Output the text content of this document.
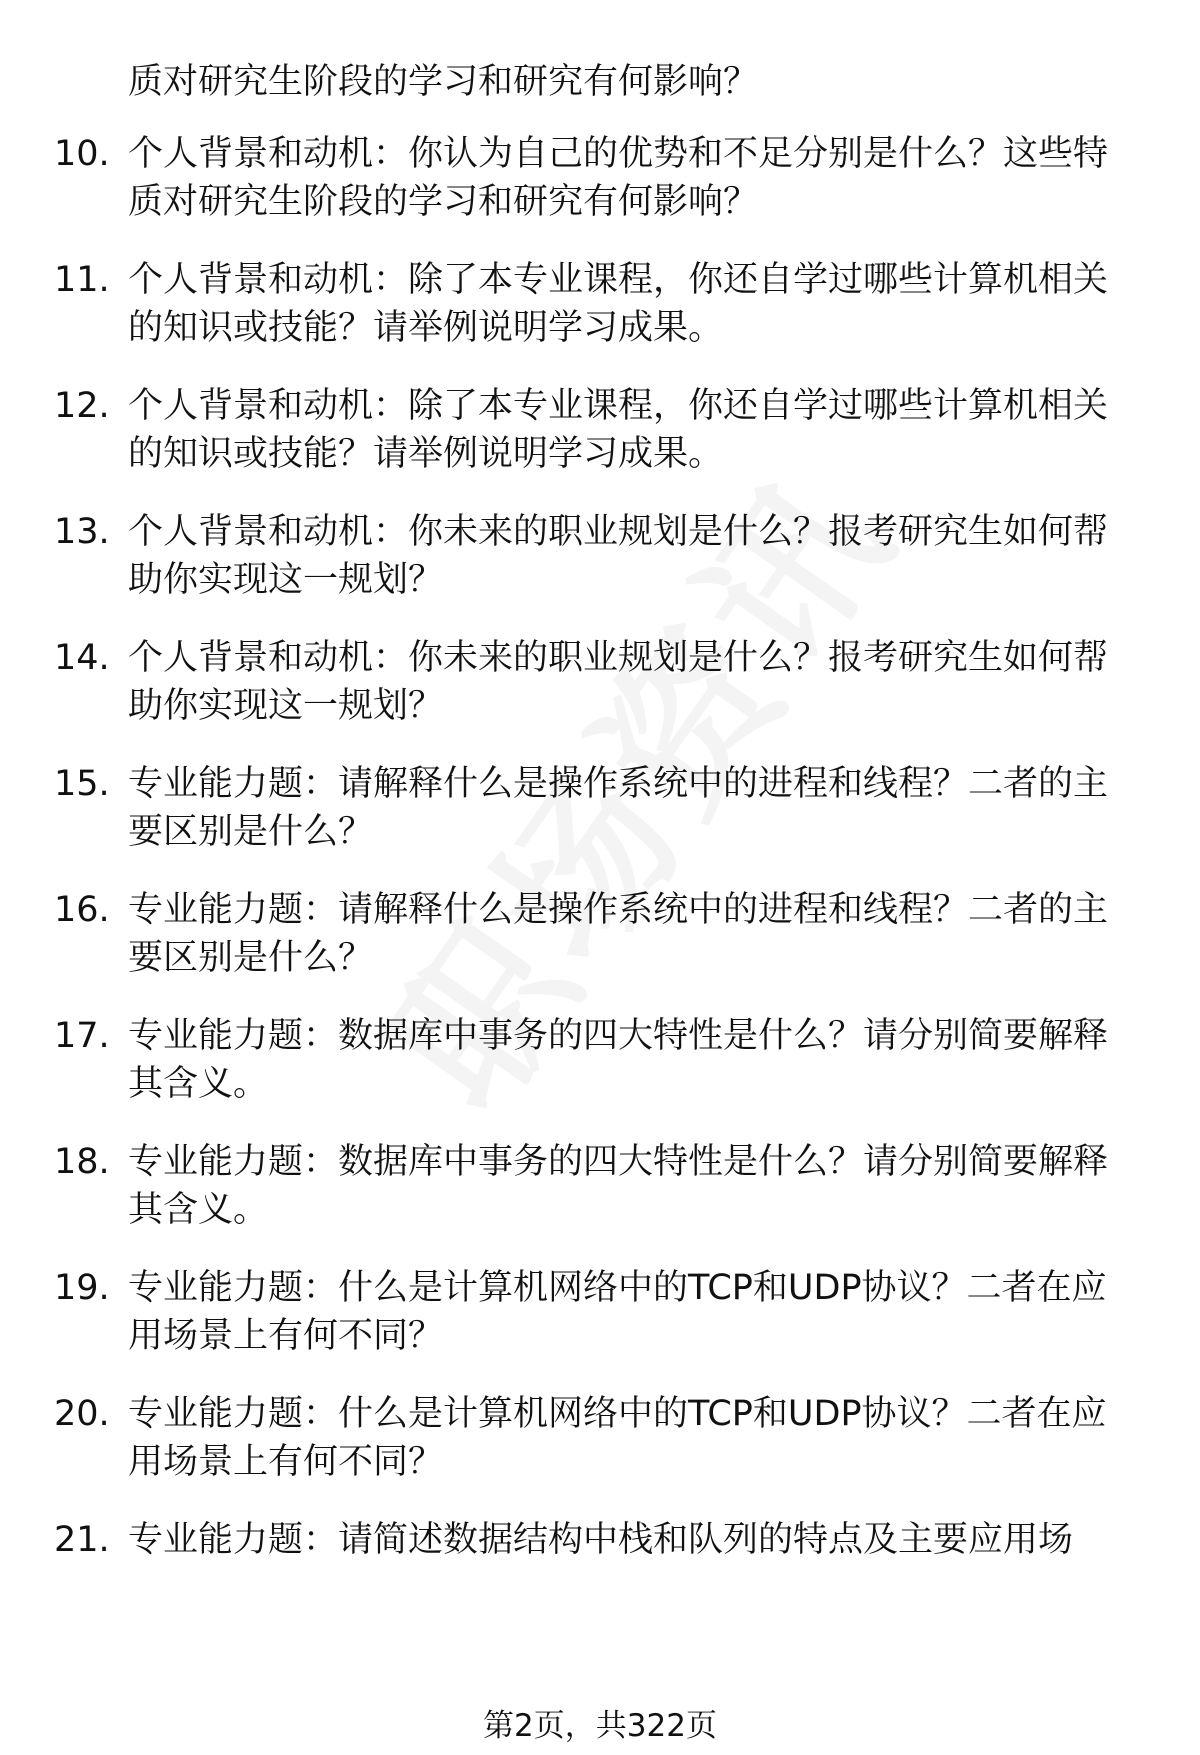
质对研究生阶段的学习和研究有何影响？
10. 个人背景和动机：你认为自己的优势和不足分别是什么？这些特质对研究生阶段的学习和研究有何影响？
11. 个人背景和动机：除了本专业课程，你还自学过哪些计算机相关的知识或技能？请举例说明学习成果。
12. 个人背景和动机：除了本专业课程，你还自学过哪些计算机相关的知识或技能？请举例说明学习成果。
13. 个人背景和动机：你未来的职业规划是什么？报考研究生如何帮助你实现这一规划？
14. 个人背景和动机：你未来的职业规划是什么？报考研究生如何帮助你实现这一规划？
15. 专业能力题：请解释什么是操作系统中的进程和线程？二者的主要区别是什么？
16. 专业能力题：请解释什么是操作系统中的进程和线程？二者的主要区别是什么？
17. 专业能力题：数据库中事务的四大特性是什么？请分别简要解释其含义。
18. 专业能力题：数据库中事务的四大特性是什么？请分别简要解释其含义。
19. 专业能力题：什么是计算机网络中的TCP和UDP协议？二者在应用场景上有何不同？
20. 专业能力题：什么是计算机网络中的TCP和UDP协议？二者在应用场景上有何不同？
21. 专业能力题：请简述数据结构中栈和队列的特点及主要应用场
第2页，共322页
